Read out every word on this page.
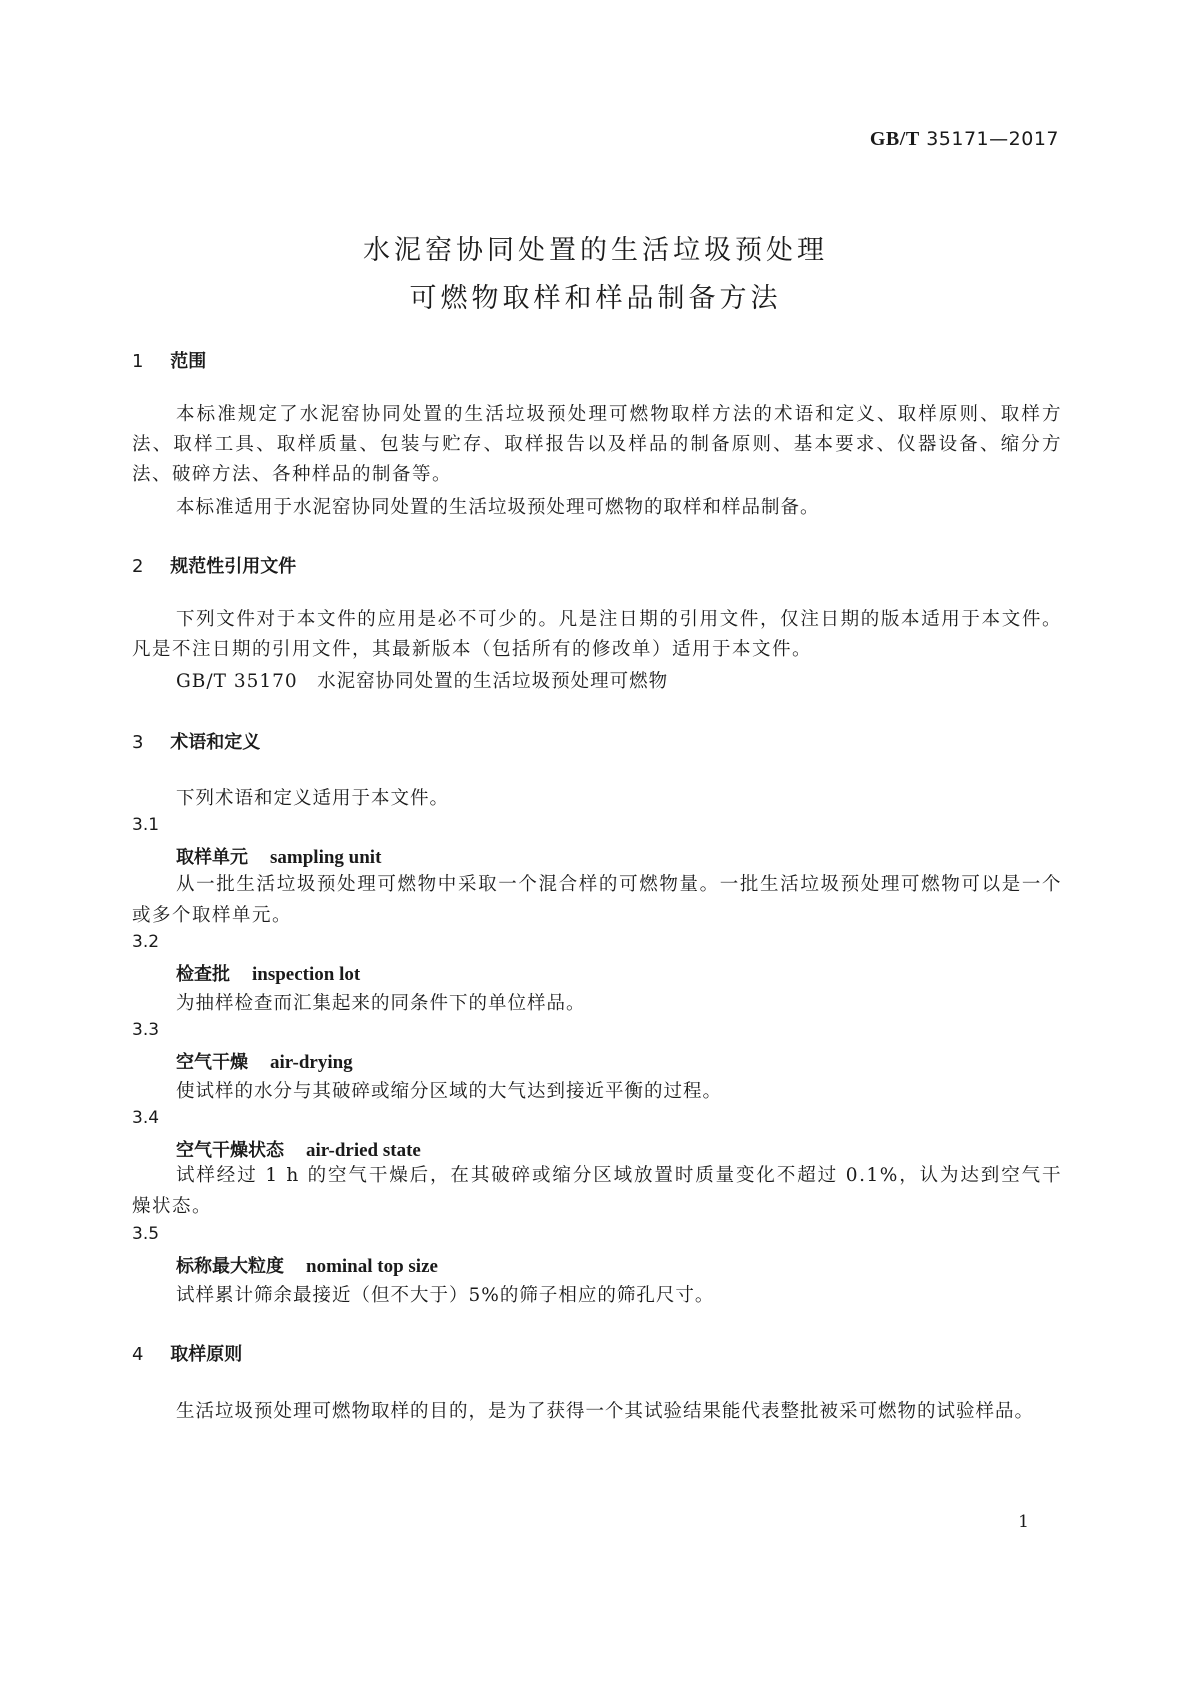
GB/T 35171—2017
水泥窑协同处置的生活垃圾预处理
可燃物取样和样品制备方法
1 范围
本标准规定了水泥窑协同处置的生活垃圾预处理可燃物取样方法的术语和定义、取样原则、取样方法、取样工具、取样质量、包装与贮存、取样报告以及样品的制备原则、基本要求、仪器设备、缩分方法、破碎方法、各种样品的制备等。
本标准适用于水泥窑协同处置的生活垃圾预处理可燃物的取样和样品制备。
2 规范性引用文件
下列文件对于本文件的应用是必不可少的。凡是注日期的引用文件，仅注日期的版本适用于本文件。凡是不注日期的引用文件，其最新版本（包括所有的修改单）适用于本文件。
GB/T 35170　水泥窑协同处置的生活垃圾预处理可燃物
3 术语和定义
下列术语和定义适用于本文件。
3.1
取样单元 sampling unit
从一批生活垃圾预处理可燃物中采取一个混合样的可燃物量。一批生活垃圾预处理可燃物可以是一个或多个取样单元。
3.2
检查批 inspection lot
为抽样检查而汇集起来的同条件下的单位样品。
3.3
空气干燥 air-drying
使试样的水分与其破碎或缩分区域的大气达到接近平衡的过程。
3.4
空气干燥状态 air-dried state
试样经过 1 h 的空气干燥后，在其破碎或缩分区域放置时质量变化不超过 0.1%，认为达到空气干燥状态。
3.5
标称最大粒度 nominal top size
试样累计筛余最接近（但不大于）5%的筛子相应的筛孔尺寸。
4 取样原则
生活垃圾预处理可燃物取样的目的，是为了获得一个其试验结果能代表整批被采可燃物的试验样品。
1
